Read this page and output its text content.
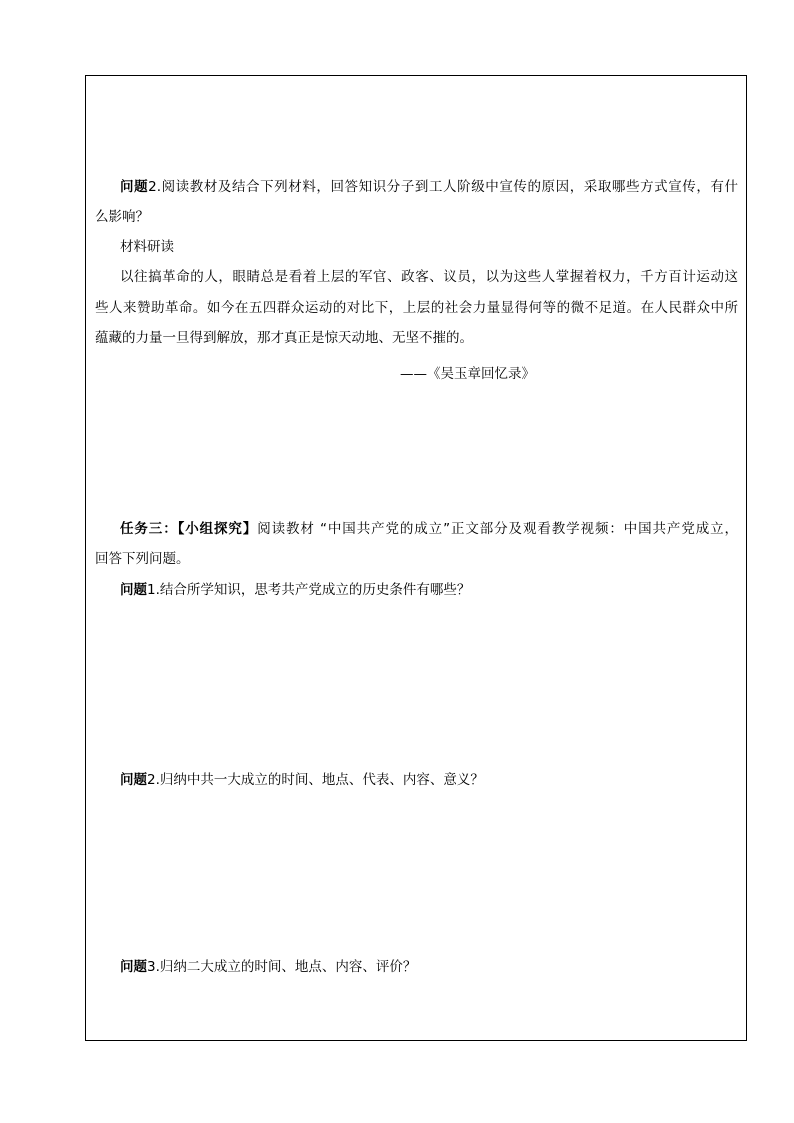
问题2.阅读教材及结合下列材料，回答知识分子到工人阶级中宣传的原因，采取哪些方式宣传，有什
么影响？
材料研读
以往搞革命的人，眼睛总是看着上层的军官、政客、议员，以为这些人掌握着权力，千方百计运动这
些人来赞助革命。如今在五四群众运动的对比下，上层的社会力量显得何等的微不足道。在人民群众中所
蕴藏的力量一旦得到解放，那才真正是惊天动地、无坚不摧的。
——《吴玉章回忆录》
任务三：【小组探究】阅读教材 “中国共产党的成立”正文部分及观看教学视频：中国共产党成立，
回答下列问题。
问题1.结合所学知识，思考共产党成立的历史条件有哪些？
问题2.归纳中共一大成立的时间、地点、代表、内容、意义？
问题3.归纳二大成立的时间、地点、内容、评价？
